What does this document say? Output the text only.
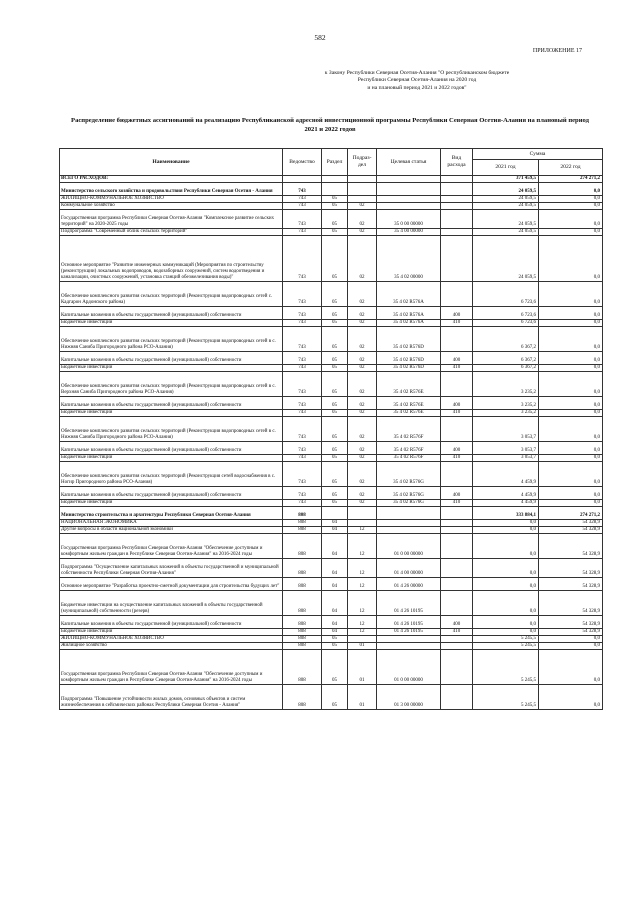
582
ПРИЛОЖЕНИЕ 17
к Закону Республики Северная Осетия-Алания "О республиканском бюджете
Республики Северная Осетия-Алания на 2020 год
и на плановый период 2021 и 2022 годов"
Распределение бюджетных ассигнований на реализацию Республиканской адресной инвестиционной программы Республики Северная Осетия-Алания на плановый период 2021 и 2022 годов
Наименование	Ведомство	Раздел	Подраз-дел	Целевая статья	Вид расхода	Сумма	
						2021 год	2022 год
ВСЕГО РАСХОДОВ:						371 459,5	274 271,2
Министерство сельского хозяйства и продовольствия Республики Северная Осетия - Алания	743					24 059,5	0,0
ЖИЛИЩНО-КОММУНАЛЬНОЕ ХОЗЯЙСТВО	743	05				24 059,5	0,0
Коммунальное хозяйство	743	05	02			24 059,5	0,0
Государственная программа Республики Северная Осетия-Алания "Комплексное развитие сельских территорий" на 2020-2025 годы	743	05	02	35 0 00 00000		24 059,5	0,0
Подпрограмма "Современный облик сельских территорий"	743	05	02	35 4 00 00000		24 059,5	0,0
Основное мероприятие "Развитие инженерных коммуникаций (Мероприятия по строительству (реконструкции) локальных водопроводов, водозаборных сооружений, систем водоотведения и канализации, очистных сооружений, установка станций обезжелезивания воды)"	743	05	02	35 4 02 00000		24 059,5	0,0
Обеспечение комплексного развития сельских территорий (Реконструкция водопроводных сетей с. Кадгарон Ардонского района)	743	05	02	35 4 02 R576A		6 723,6	0,0
Капитальные вложения в объекты государственной (муниципальной) собственности	743	05	02	35 4 02 R576A	400	6 723,6	0,0
Бюджетные инвестиции	743	05	02	35 4 02 R576A	410	6 723,6	0,0
Обеспечение комплексного развития сельских территорий (Реконструкция водопроводных сетей в с. Нижняя Саниба Пригородного района РСО-Алания)	743	05	02	35 4 02 R576D		6 367,2	0,0
Капитальные вложения в объекты государственной (муниципальной) собственности	743	05	02	35 4 02 R576D	400	6 367,2	0,0
Бюджетные инвестиции	743	05	02	35 4 02 R576D	410	6 367,2	0,0
Обеспечение комплексного развития сельских территорий (Реконструкция водопроводных сетей в с. Верхняя Саниба Пригородного района РСО-Алания)	743	05	02	35 4 02 R576E		3 235,2	0,0
Капитальные вложения в объекты государственной (муниципальной) собственности	743	05	02	35 4 02 R576E	400	3 235,2	0,0
Бюджетные инвестиции	743	05	02	35 4 02 R576E	410	3 235,2	0,0
Обеспечение комплексного развития сельских территорий (Реконструкция водопроводных сетей в с. Нижняя Саниба Пригородного района РСО-Алания)	743	05	02	35 4 02 R576F		3 053,7	0,0
Капитальные вложения в объекты государственной (муниципальной) собственности	743	05	02	35 4 02 R576F	400	3 053,7	0,0
Бюджетные инвестиции	743	05	02	35 4 02 R576F	410	3 053,7	0,0
Обеспечение комплексного развития сельских территорий (Реконструкция сетей водоснабжения в с. Ногир Пригородного района РСО-Алания)	743	05	02	35 4 02 R576G		4 459,9	0,0
Капитальные вложения в объекты государственной (муниципальной) собственности	743	05	02	35 4 02 R576G	400	4 459,9	0,0
Бюджетные инвестиции	743	05	02	35 4 02 R576G	410	4 459,9	0,0
Министерство строительства и архитектуры Республики Северная Осетия-Алания	808					333 884,1	274 271,2
НАЦИОНАЛЬНАЯ ЭКОНОМИКА	808	04				0,0	54 328,9
Другие вопросы в области национальной экономики	808	04	12			0,0	54 328,9
Государственная программа Республики Северная Осетия-Алания "Обеспечение доступным и комфортным жильем граждан в Республике Северная Осетия-Алания" на 2016-2024 годы	808	04	12	01 0 00 00000		0,0	54 328,9
Подпрограмма "Осуществление капитальных вложений в объекты государственной и муниципальной собственности Республики Северная Осетия-Алания"	808	04	12	01 4 00 00000		0,0	54 328,9
Основное мероприятие "Разработка проектно-сметной документации для строительства будущих лет"	808	04	12	01 4 26 00000		0,0	54 328,9
Бюджетные инвестиции на осуществление капитальных вложений в объекты государственной (муниципальной) собственности (резерв)	808	04	12	01 4 26 10195		0,0	54 328,9
Капитальные вложения в объекты государственной (муниципальной) собственности	808	04	12	01 4 26 10195	400	0,0	54 328,9
Бюджетные инвестиции	808	04	12	01 4 26 10195	410	0,0	54 328,9
ЖИЛИЩНО-КОММУНАЛЬНОЕ ХОЗЯЙСТВО	808	05				5 245,5	0,0
Жилищное хозяйство	808	05	01			5 245,5	0,0
Государственная программа Республики Северная Осетия-Алания "Обеспечение доступным и комфортным жильем граждан в Республике Северная Осетия-Алания" на 2016-2024 годы	808	05	01	01 0 00 00000		5 245,5	0,0
Подпрограмма "Повышение устойчивости жилых домов, основных объектов и систем жизнеобеспечения в сейсмических районах Республики Северная Осетия - Алания"	808	05	01	01 3 00 00000		5 245,5	0,0
